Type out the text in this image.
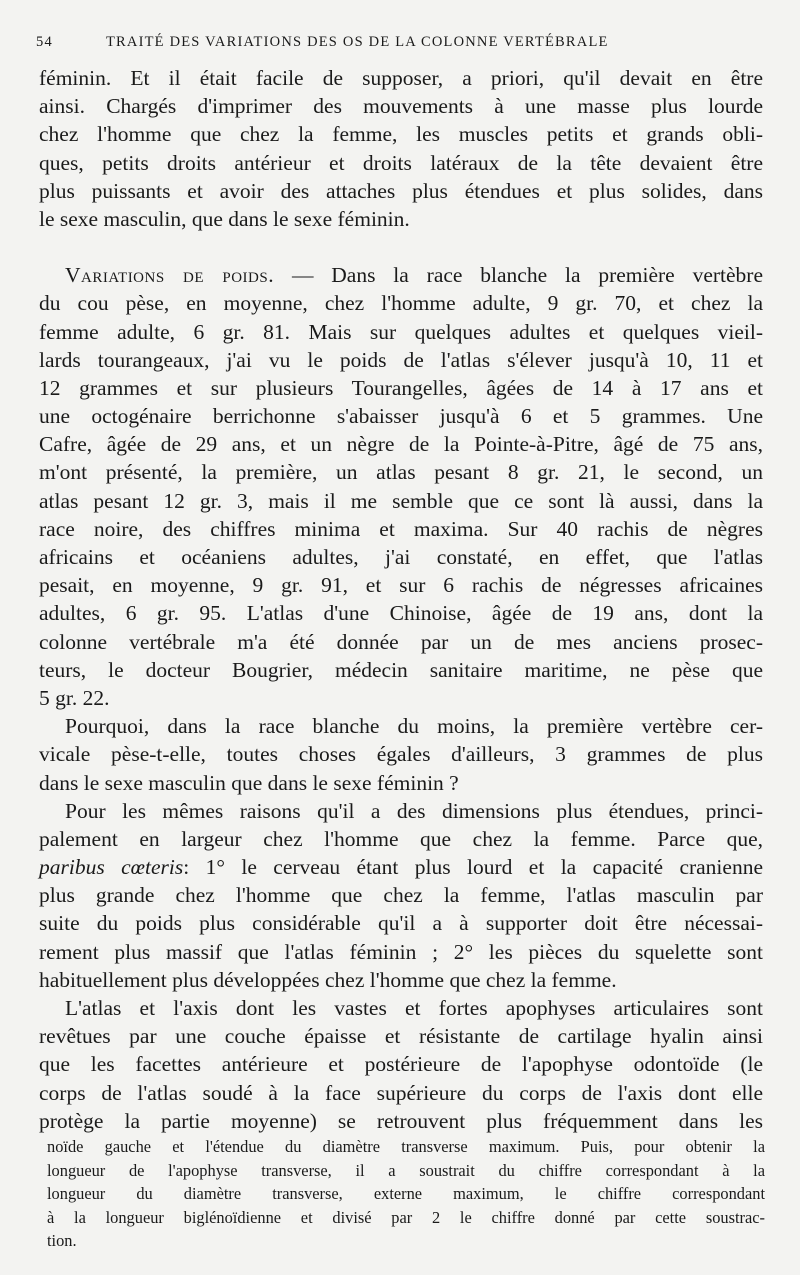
54	TRAITÉ DES VARIATIONS DES OS DE LA COLONNE VERTÉBRALE
féminin. Et il était facile de supposer, a priori, qu'il devait en être
ainsi. Chargés d'imprimer des mouvements à une masse plus lourde
chez l'homme que chez la femme, les muscles petits et grands obli-
ques, petits droits antérieur et droits latéraux de la tête devaient être
plus puissants et avoir des attaches plus étendues et plus solides, dans
le sexe masculin, que dans le sexe féminin.
Variations de poids. — Dans la race blanche la première vertèbre
du cou pèse, en moyenne, chez l'homme adulte, 9 gr. 70, et chez la
femme adulte, 6 gr. 81. Mais sur quelques adultes et quelques vieil-
lards tourangeaux, j'ai vu le poids de l'atlas s'élever jusqu'à 10, 11 et
12 grammes et sur plusieurs Tourangelles, âgées de 14 à 17 ans et
une octogénaire berrichonne s'abaisser jusqu'à 6 et 5 grammes. Une
Cafre, âgée de 29 ans, et un nègre de la Pointe-à-Pitre, âgé de 75 ans,
m'ont présenté, la première, un atlas pesant 8 gr. 21, le second, un
atlas pesant 12 gr. 3, mais il me semble que ce sont là aussi, dans la
race noire, des chiffres minima et maxima. Sur 40 rachis de nègres
africains et océaniens adultes, j'ai constaté, en effet, que l'atlas
pesait, en moyenne, 9 gr. 91, et sur 6 rachis de négresses africaines
adultes, 6 gr. 95. L'atlas d'une Chinoise, âgée de 19 ans, dont la
colonne vertébrale m'a été donnée par un de mes anciens prosec-
teurs, le docteur Bougrier, médecin sanitaire maritime, ne pèse que
5 gr. 22.
Pourquoi, dans la race blanche du moins, la première vertèbre cer-
vicale pèse-t-elle, toutes choses égales d'ailleurs, 3 grammes de plus
dans le sexe masculin que dans le sexe féminin ?
Pour les mêmes raisons qu'il a des dimensions plus étendues, princi-
palement en largeur chez l'homme que chez la femme. Parce que,
paribus cœteris: 1° le cerveau étant plus lourd et la capacité cranienne
plus grande chez l'homme que chez la femme, l'atlas masculin par
suite du poids plus considérable qu'il a à supporter doit être nécessai-
rement plus massif que l'atlas féminin ; 2° les pièces du squelette sont
habituellement plus développées chez l'homme que chez la femme.
L'atlas et l'axis dont les vastes et fortes apophyses articulaires sont
revêtues par une couche épaisse et résistante de cartilage hyalin ainsi
que les facettes antérieure et postérieure de l'apophyse odontoïde (le
corps de l'atlas soudé à la face supérieure du corps de l'axis dont elle
protège la partie moyenne) se retrouvent plus fréquemment dans les
noïde gauche et l'étendue du diamètre transverse maximum. Puis, pour obtenir la
longueur de l'apophyse transverse, il a soustrait du chiffre correspondant à la
longueur du diamètre transverse, externe maximum, le chiffre correspondant
à la longueur biglénoïdienne et divisé par 2 le chiffre donné par cette soustrac-
tion.
